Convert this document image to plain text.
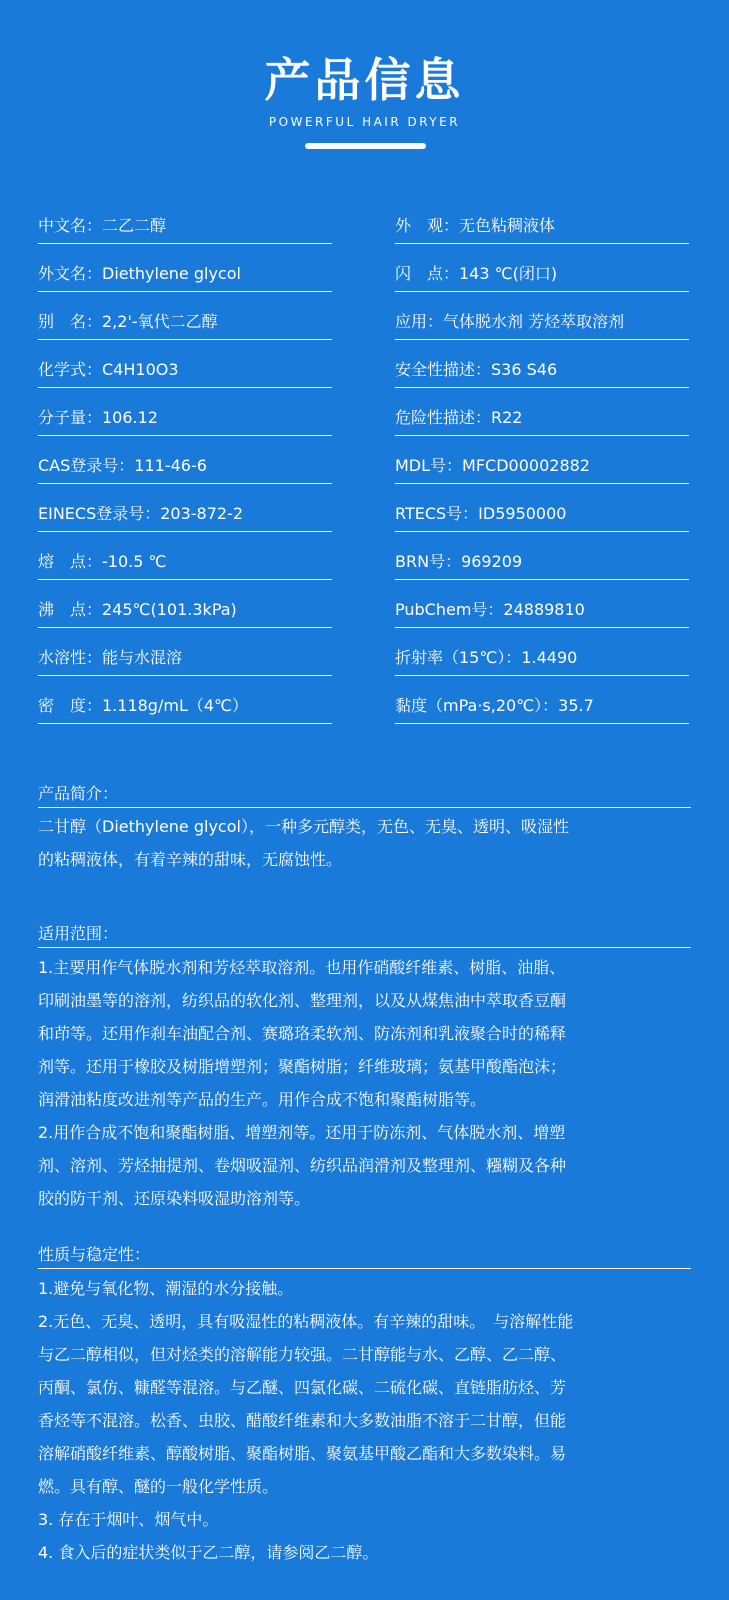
产品信息
POWERFUL HAIR DRYER
中文名：二乙二醇
外文名：Diethylene glycol
别　名：2,2'-氧代二乙醇
化学式：C4H10O3
分子量：106.12
CAS登录号：111-46-6
EINECS登录号：203-872-2
熔　点：-10.5 ℃
沸　点：245℃(101.3kPa)
水溶性：能与水混溶
密　度：1.118g/mL（4℃）
外　观：无色粘稠液体
闪　点：143 ℃(闭口)
应用：气体脱水剂 芳烃萃取溶剂
安全性描述：S36 S46
危险性描述：R22
MDL号：MFCD00002882
RTECS号：ID5950000
BRN号：969209
PubChem号：24889810
折射率（15℃）：1.4490
黏度（mPa·s,20℃）：35.7
产品简介：
二甘醇（Diethylene glycol），一种多元醇类，无色、无臭、透明、吸湿性
的粘稠液体，有着辛辣的甜味，无腐蚀性。
适用范围：
1.主要用作气体脱水剂和芳烃萃取溶剂。也用作硝酸纤维素、树脂、油脂、
印刷油墨等的溶剂，纺织品的软化剂、整理剂，以及从煤焦油中萃取香豆酮
和茚等。还用作刹车油配合剂、赛璐珞柔软剂、防冻剂和乳液聚合时的稀释
剂等。还用于橡胶及树脂增塑剂；聚酯树脂；纤维玻璃；氨基甲酸酯泡沫；
润滑油粘度改进剂等产品的生产。用作合成不饱和聚酯树脂等。
2.用作合成不饱和聚酯树脂、增塑剂等。还用于防冻剂、气体脱水剂、增塑
剂、溶剂、芳烃抽提剂、卷烟吸湿剂、纺织品润滑剂及整理剂、糨糊及各种
胶的防干剂、还原染料吸湿助溶剂等。
性质与稳定性：
1.避免与氧化物、潮湿的水分接触。
2.无色、无臭、透明，具有吸湿性的粘稠液体。有辛辣的甜味。　与溶解性能
与乙二醇相似，但对烃类的溶解能力较强。二甘醇能与水、乙醇、乙二醇、
丙酮、氯仿、糠醛等混溶。与乙醚、四氯化碳、二硫化碳、直链脂肪烃、芳
香烃等不混溶。松香、虫胶、醋酸纤维素和大多数油脂不溶于二甘醇，但能
溶解硝酸纤维素、醇酸树脂、聚酯树脂、聚氨基甲酸乙酯和大多数染料。易
燃。具有醇、醚的一般化学性质。
3. 存在于烟叶、烟气中。
4. 食入后的症状类似于乙二醇，请参阅乙二醇。
